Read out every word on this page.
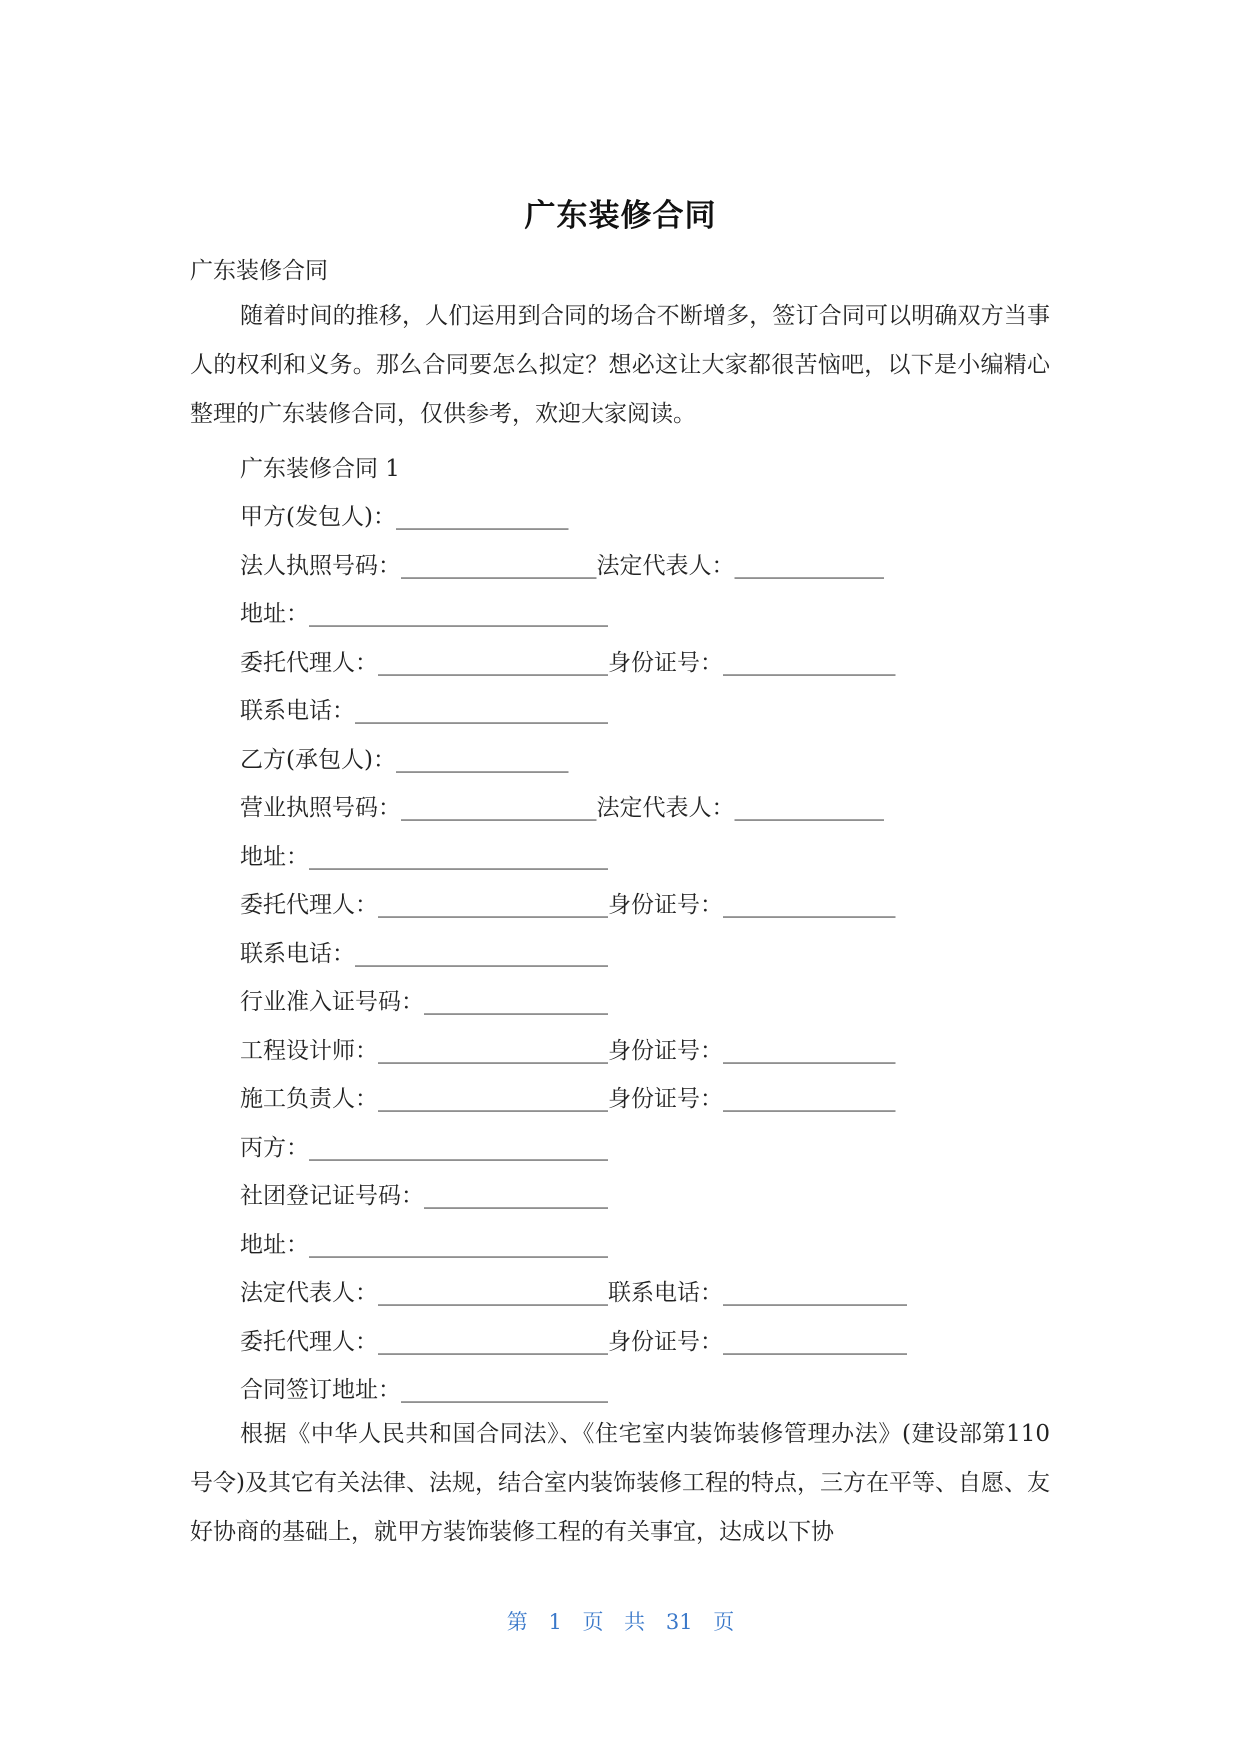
广东装修合同
广东装修合同
随着时间的推移，人们运用到合同的场合不断增多，签订合同可以明确双方当事人的权利和义务。那么合同要怎么拟定？想必这让大家都很苦恼吧，以下是小编精心整理的广东装修合同，仅供参考，欢迎大家阅读。
广东装修合同 1
甲方(发包人)：_______________
法人执照号码：_________________法定代表人：_____________
地址：__________________________
委托代理人：____________________身份证号：_______________
联系电话：______________________
乙方(承包人)：_______________
营业执照号码：_________________法定代表人：_____________
地址：__________________________
委托代理人：____________________身份证号：_______________
联系电话：______________________
行业准入证号码：________________
工程设计师：____________________身份证号：_______________
施工负责人：____________________身份证号：_______________
丙方：__________________________
社团登记证号码：________________
地址：__________________________
法定代表人：____________________联系电话：________________
委托代理人：____________________身份证号：________________
合同签订地址：__________________
根据《中华人民共和国合同法》、《住宅室内装饰装修管理办法》(建设部第110号令)及其它有关法律、法规，结合室内装饰装修工程的特点，三方在平等、自愿、友好协商的基础上，就甲方装饰装修工程的有关事宜，达成以下协
第 1 页 共 31 页
